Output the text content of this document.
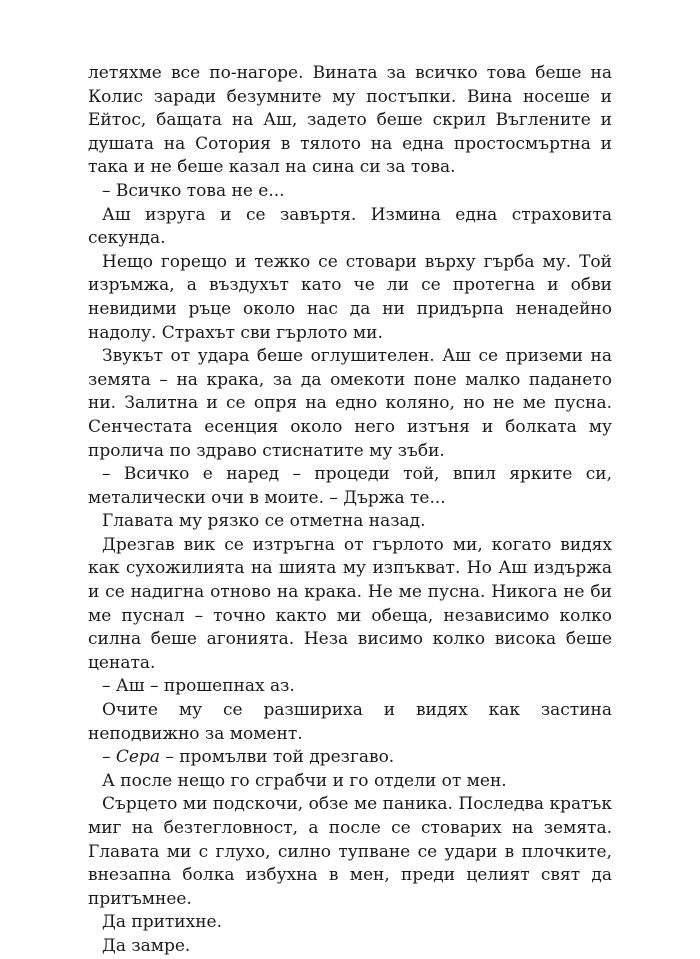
летяхме все по-нагоре. Вината за всичко това беше на Колис заради безумните му постъпки. Вина носеше и Ейтос, бащата на Аш, задето беше скрил Въглените и душата на Сотория в тялото на една простосмъртна и така и не беше казал на сина си за това.

– Всичко това не е...

Аш изруга и се завъртя. Измина една страховита секунда.

Нещо горещо и тежко се стовари върху гърба му. Той изръмжа, а въздухът като че ли се протегна и обви невидими ръце около нас да ни придърпа ненадейно надолу. Страхът сви гърлото ми.

Звукът от удара беше оглушителен. Аш се приземи на земята – на крака, за да омекоти поне малко падането ни. Залитна и се опря на едно коляно, но не ме пусна. Сенчестата есенция около него изтъня и болката му пролича по здраво стиснатите му зъби.

– Всичко е наред – процеди той, впил ярките си, металически очи в моите. – Държа те...

Главата му рязко се отметна назад.

Дрезгав вик се изтръгна от гърлото ми, когато видях как сухожилията на шията му изпъкват. Но Аш издържа и се надигна отново на крака. Не ме пусна. Никога не би ме пуснал – точно както ми обеща, независимо колко силна беше агонията. Неза висимо колко висока беше цената.

– Аш – прошепнах аз.

Очите му се разшириха и видях как застина неподвижно за момент.

– Сера – промълви той дрезгаво.

А после нещо го сграбчи и го отдели от мен.

Сърцето ми подскочи, обзе ме паника. Последва кратък миг на безтегловност, а после се стоварих на земята. Главата ми с глухо, силно тупване се удари в плочките, внезапна болка избухна в мен, преди целият свят да притъмнее.

Да притихне.

Да замре.
